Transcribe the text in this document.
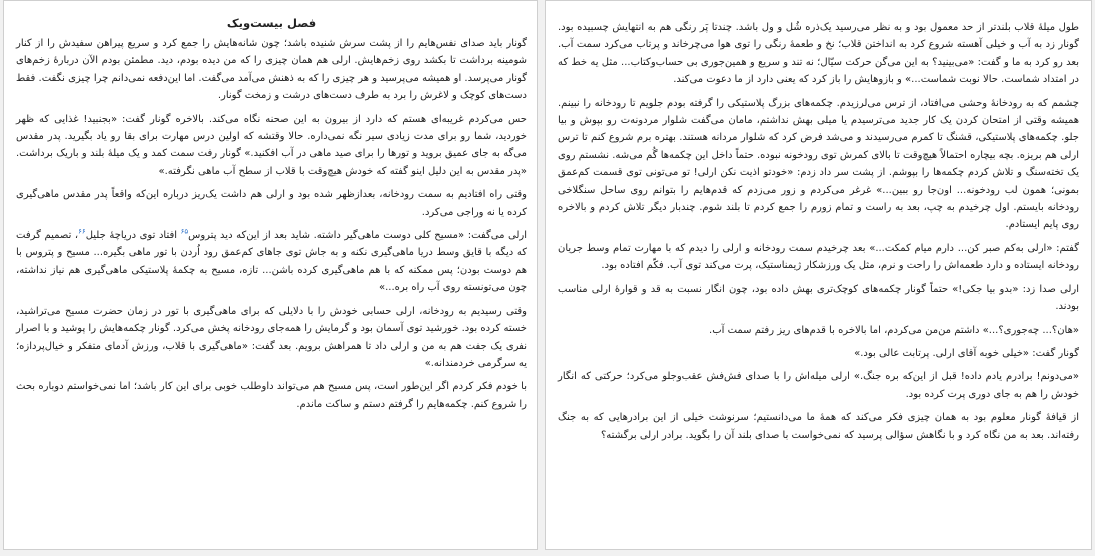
فصل بیست‌ویک

گونار باید صدای نفس‌هایم را از پشت سرش شنیده باشد؛ چون شانه‌هایش را جمع کرد و سریع پیراهن سفیدش را از کنار شومینه برداشت تا بکشد روی زخم‌هایش. ارلی هم همان چیزی را که من دیده بودم، دید. مطمئن بودم الآن درباره‌ٔ زخم‌های گونار می‌پرسد. او همیشه می‌پرسید و هر چیزی را که به ذهنش می‌آمد می‌گفت. اما این‌دفعه نمی‌دانم چرا چیزی نگفت. فقط دست‌های کوچک و لاغرش را برد به طرف دست‌های درشت و زمخت گونار.

حس می‌کردم غریبه‌ای هستم که دارد از بیرون به این صحنه نگاه می‌کند. بالاخره گونار گفت: «بجنبید! غذایی که ظهر خوردید، شما رو برای مدت زیادی سیر نگه نمی‌داره. حالا وقتشه که اولین درس مهارت برای بقا رو یاد بگیرید. پدر مقدس می‌گه به جای عمیق بروید و تورها را برای صید ماهی در آب افکنید.» گونار رفت سمت کمد و یک میلهٔ بلند و باریک برداشت. «پدر مقدس به این دلیل اینو گفته که خودش هیچ‌وقت با قلاب از سطح آب ماهی نگرفته.»

وقتی راه افتادیم به سمت رودخانه، بعدازظهر شده بود و ارلی هم داشت یک‌ریز درباره این‌که واقعاً پدر مقدس ماهی‌گیری کرده یا نه وراجی می‌کرد.

ارلی می‌گفت: «مسیح کلی دوست ماهی‌گیر داشته. شاید بعد از این‌که دید پتروس$^{۶۵}$ افتاد توی دریاچهٔ جلیل$^{۶۶}$، تصمیم گرفت که دیگه با قایق وسط دریا ماهی‌گیری نکنه و به جاش توی جاهای کم‌عمق رود اُردن با تور ماهی بگیره... مسیح و پتروس با هم دوست بودن؛ پس ممکنه که با هم ماهی‌گیری کرده باشن... تازه، مسیح به چکمهٔ پلاستیکی ماهی‌گیری هم نیاز نداشته، چون می‌تونسته روی آب راه بره...»

وقتی رسیدیم به رودخانه، ارلی حسابی خودش را با دلایلی که برای ماهی‌گیری با تور در زمان حضرت مسیح می‌تراشید، خسته کرده بود. خورشید توی آسمان بود و گرمایش را همه‌جای رودخانه پخش می‌کرد. گونار چکمه‌هایش را پوشید و با اصرار نفری یک جفت هم به من و ارلی داد تا همراهش برویم. بعد گفت: «ماهی‌گیری با قلاب، ورزش آدمای متفکر و خیال‌پردازه؛ یه سرگرمی خردمندانه.»

با خودم فکر کردم اگر این‌طور است، پس مسیح هم می‌تواند داوطلب خوبی برای این کار باشد؛ اما نمی‌خواستم دوباره بحث را شروع کنم. چکمه‌هایم را گرفتم دستم و ساکت ماندم.

طول میلهٔ قلاب بلندتر از حد معمول بود و به نظر می‌رسید یک‌ذره شُل و ول باشد. چندتا پَر رنگی هم به انتهایش چسبیده بود. گونار زد به آب و خیلی آهسته شروع کرد به انداختن قلاب؛ نخ و طعمهٔ رنگی را توی هوا می‌چرخاند و پرتاب می‌کرد سمت آب. بعد رو کرد به ما و گفت: «می‌بینید؟ به این می‌گن حرکت سیّال؛ نه تند و سریع و همین‌جوری بی حساب‌وکتاب... مثل یه خط که در امتداد شماست. حالا نوبت شماست...» و بازوهایش را باز کرد که یعنی دارد از ما دعوت می‌کند.

چشمم که به رودخانهٔ وحشی می‌افتاد، از ترس می‌لرزیدم. چکمه‌های بزرگ پلاستیکی را گرفته بودم جلویم تا رودخانه را نبینم. همیشه وقتی از امتحان کردن یک کار جدید می‌ترسیدم یا میلی بهش نداشتم، مامان می‌گفت شلوار مردونه‌ت رو بپوش و بیا جلو. چکمه‌های پلاستیکی، قشنگ تا کمرم می‌رسیدند و می‌شد فرض کرد که شلوار مردانه هستند. بهتره برم شروع کنم تا ترس ارلی هم بریزه. بچه بیچاره احتمالاً هیچ‌وقت تا بالای کمرش توی رودخونه نبوده. حتماً داخل این چکمه‌ها گُم می‌شه. نشستم روی یک تخته‌سنگ و تلاش کردم چکمه‌ها را بپوشم. از پشت سر داد زدم: «خودتو اذیت نکن ارلی! تو می‌تونی توی قسمت کم‌عمق بمونی؛ همون لب رودخونه... اون‌جا رو ببین...» غرغر می‌کردم و زور می‌زدم که قدم‌هایم را بتوانم روی ساحل سنگلاخی رودخانه بایستم. اول چرخیدم به چپ، بعد به راست و تمام زورم را جمع کردم تا بلند شوم. چندبار دیگر تلاش کردم و بالاخره روی پایم ایستادم.

گفتم: «ارلی به‌کم صبر کن... دارم میام کمکت...» بعد چرخیدم سمت رودخانه و ارلی را دیدم که با مهارت تمام وسط جریان رودخانه ایستاده و دارد طعمه‌اش را راحت و نرم، مثل یک ورزشکار ژیمناستیک، پرت می‌کند توی آب. فکّم افتاده بود.

ارلی صدا زد: «بدو بیا جکی!» حتماً گونار چکمه‌های کوچک‌تری بهش داده بود، چون انگار نسبت به قد و قوارهٔ ارلی مناسب بودند.

«هان؟... چه‌جوری؟...» داشتم من‌من می‌کردم، اما بالاخره با قدم‌های ریز رفتم سمت آب.

گونار گفت: «خیلی خوبه آقای ارلی. پرتابت عالی بود.»

«می‌دونم! برادرم یادم داده! قبل از این‌که بره جنگ.» ارلی میله‌اش را با صدای فش‌فش عقب‌وجلو می‌کرد؛ حرکتی که انگار خودش را هم به جای دوری پرت کرده بود.

از قیافهٔ گونار معلوم بود به همان چیزی فکر می‌کند که همهٔ ما می‌دانستیم؛ سرنوشت خیلی از این برادرهایی که به جنگ رفته‌اند. بعد به من نگاه کرد و با نگاهش سؤالی پرسید که نمی‌خواست با صدای بلند آن را بگوید. برادر ارلی برگشته؟
